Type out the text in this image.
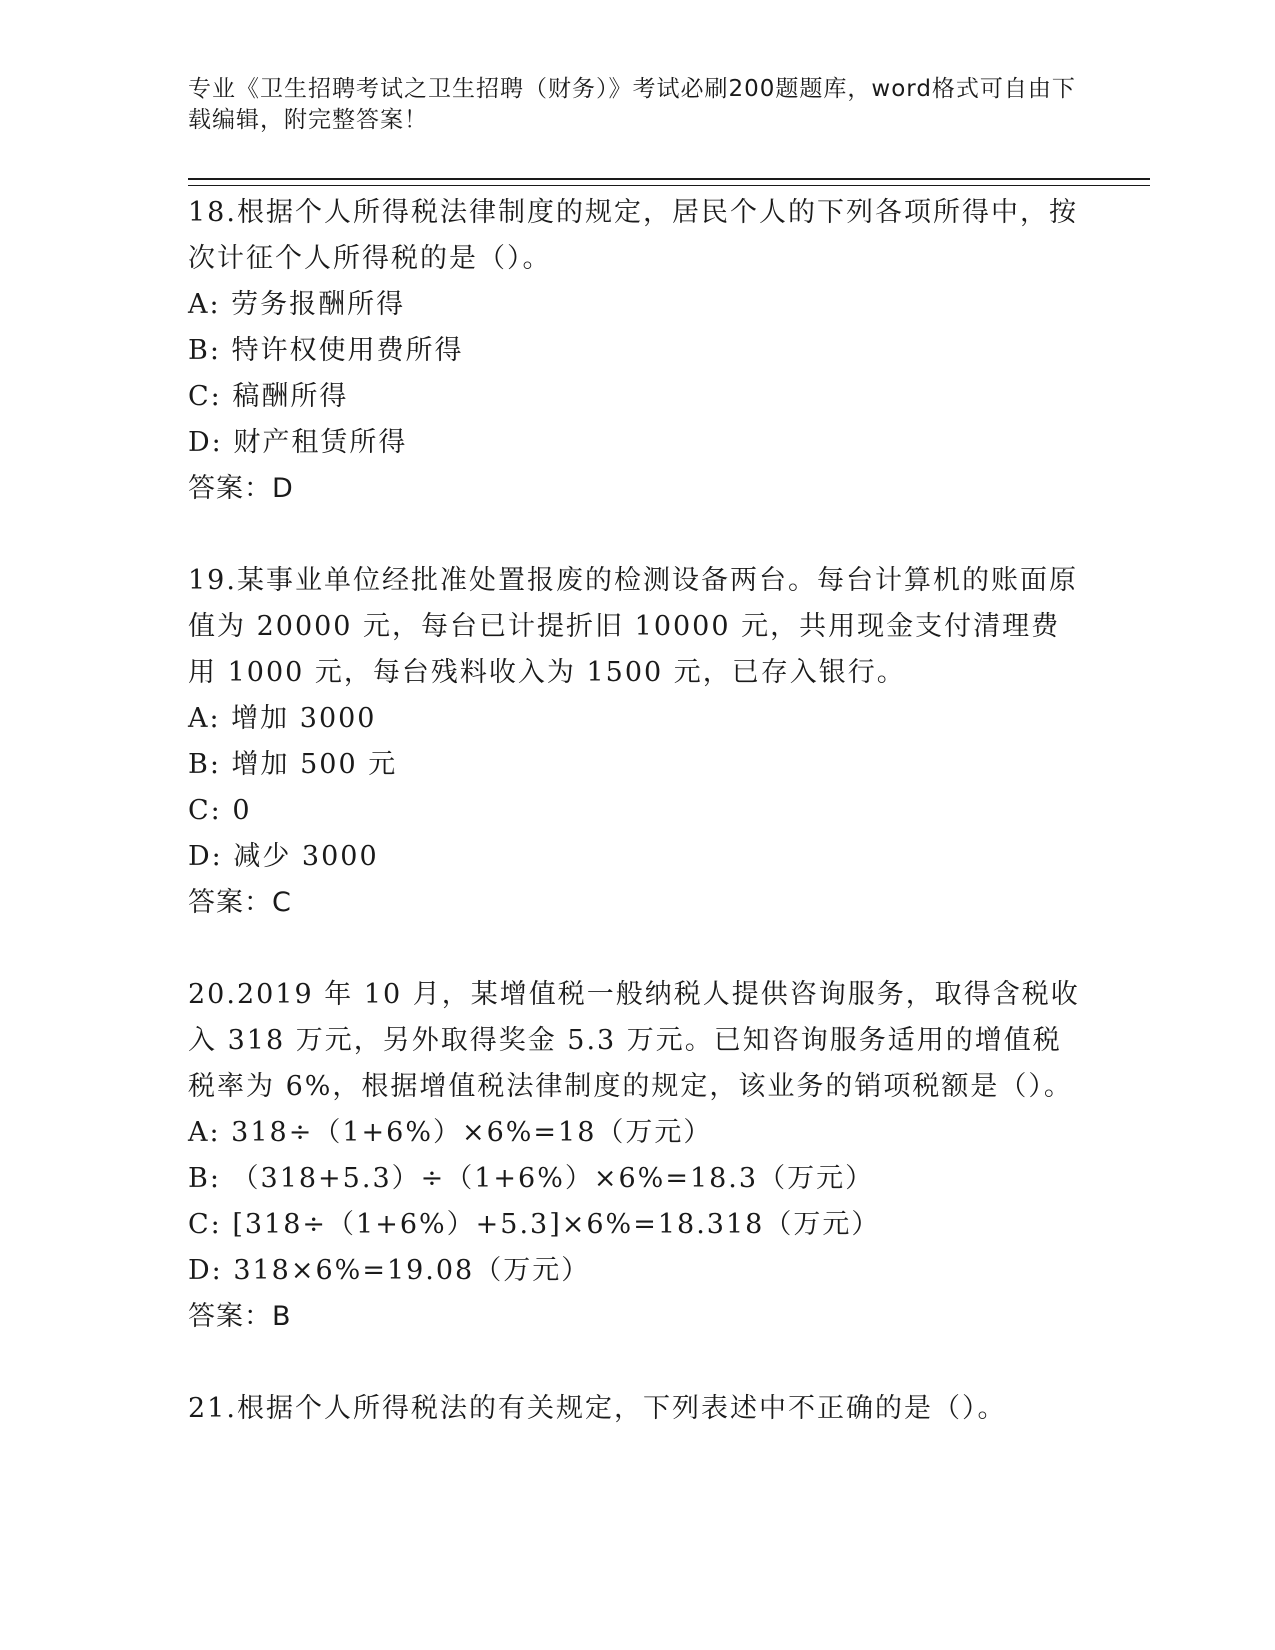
专业《卫生招聘考试之卫生招聘（财务）》考试必刷200题题库，word格式可自由下载编辑，附完整答案！
18.根据个人所得税法律制度的规定，居民个人的下列各项所得中，按次计征个人所得税的是（）。
A: 劳务报酬所得
B: 特许权使用费所得
C: 稿酬所得
D: 财产租赁所得
答案：D
19.某事业单位经批准处置报废的检测设备两台。每台计算机的账面原值为 20000 元，每台已计提折旧 10000 元，共用现金支付清理费用 1000 元，每台残料收入为 1500 元，已存入银行。
A: 增加 3000
B: 增加 500 元
C: 0
D: 减少 3000
答案：C
20.2019 年 10 月，某增值税一般纳税人提供咨询服务，取得含税收入 318 万元，另外取得奖金 5.3 万元。已知咨询服务适用的增值税税率为 6%，根据增值税法律制度的规定，该业务的销项税额是（）。
A: 318÷（1+6%）×6%=18（万元）
B: （318+5.3）÷（1+6%）×6%=18.3（万元）
C: [318÷（1+6%）+5.3]×6%=18.318（万元）
D: 318×6%=19.08（万元）
答案：B
21.根据个人所得税法的有关规定，下列表述中不正确的是（）。
